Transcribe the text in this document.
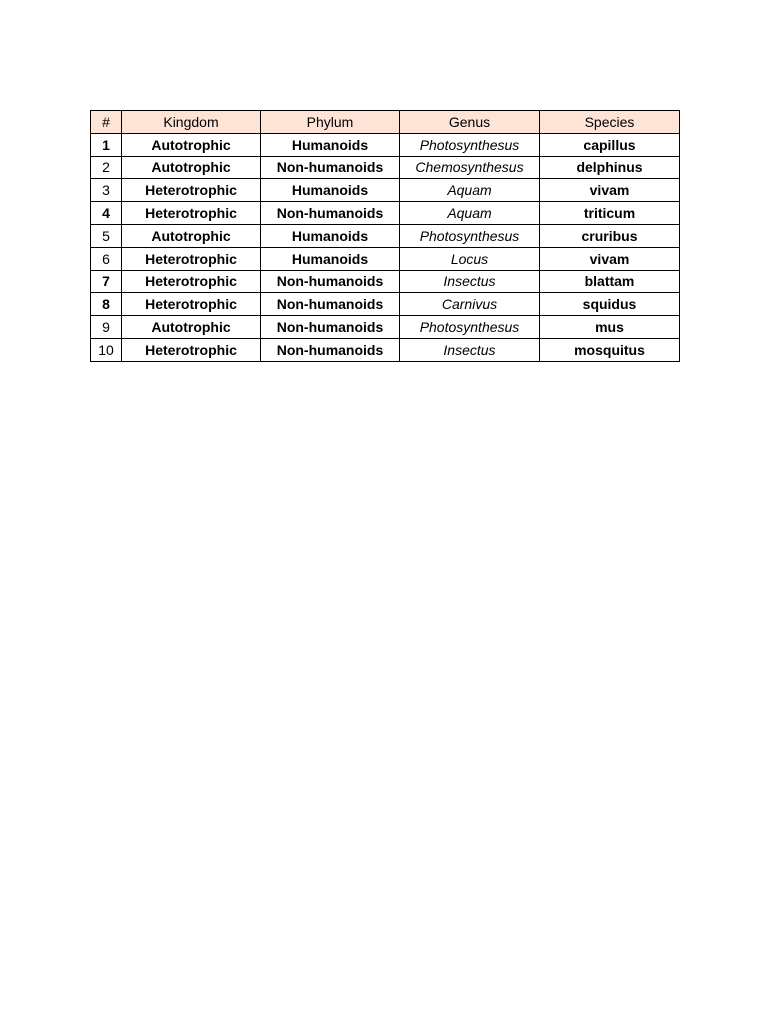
#	Kingdom	Phylum	Genus	Species
1	Autotrophic	Humanoids	Photosynthesus	capillus
2	Autotrophic	Non-humanoids	Chemosynthesus	delphinus
3	Heterotrophic	Humanoids	Aquam	vivam
4	Heterotrophic	Non-humanoids	Aquam	triticum
5	Autotrophic	Humanoids	Photosynthesus	cruribus
6	Heterotrophic	Humanoids	Locus	vivam
7	Heterotrophic	Non-humanoids	Insectus	blattam
8	Heterotrophic	Non-humanoids	Carnivus	squidus
9	Autotrophic	Non-humanoids	Photosynthesus	mus
10	Heterotrophic	Non-humanoids	Insectus	mosquitus
